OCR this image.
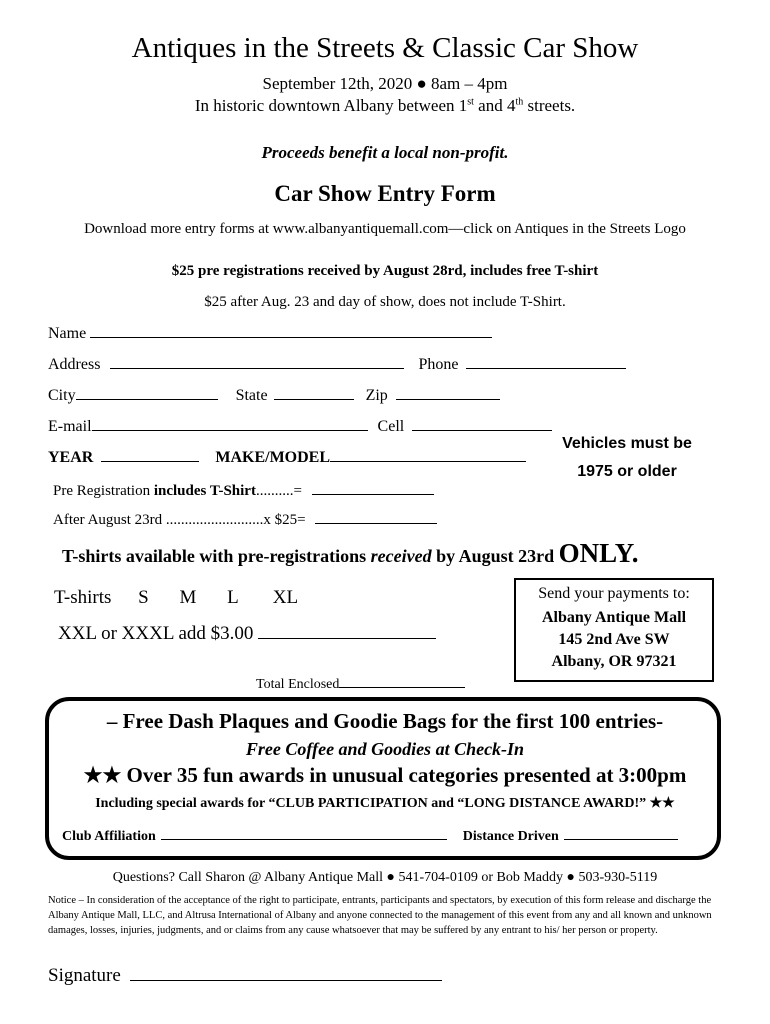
Antiques in the Streets & Classic Car Show
September 12th, 2020 ● 8am – 4pm
In historic downtown Albany between 1st and 4th streets.
Proceeds benefit a local non-profit.
Car Show Entry Form
Download more entry forms at www.albanyantiquemall.com—click on Antiques in the Streets Logo
$25 pre registrations received by August 28rd, includes free T-shirt
$25 after Aug. 23 and day of show, does not include T-Shirt.
Name
Address	Phone
City	State	Zip
E-mail	Cell
YEAR	MAKE/MODEL
Vehicles must be
1975 or older
Pre Registration includes T-Shirt..........=
After August 23rd ..........................x $25=
T-shirts available with pre-registrations received by August 23rd ONLY.
T-shirts S M L XL
XXL or XXXL add $3.00
Total Enclosed
Send your payments to:
Albany Antique Mall
145 2nd Ave SW
Albany, OR 97321
– Free Dash Plaques and Goodie Bags for the first 100 entries-
Free Coffee and Goodies at Check-In
★★ Over 35 fun awards in unusual categories presented at 3:00pm
Including special awards for “CLUB PARTICIPATION and “LONG DISTANCE AWARD!” ★★
Club Affiliation	Distance Driven
Questions? Call Sharon @ Albany Antique Mall ● 541-704-0109 or Bob Maddy ● 503-930-5119
Notice – In consideration of the acceptance of the right to participate, entrants, participants and spectators, by execution of this form release and discharge the Albany Antique Mall, LLC, and Altrusa International of Albany and anyone connected to the management of this event from any and all known and unknown damages, losses, injuries, judgments, and or claims from any cause whatsoever that may be suffered by any entrant to his/ her person or property.
Signature
